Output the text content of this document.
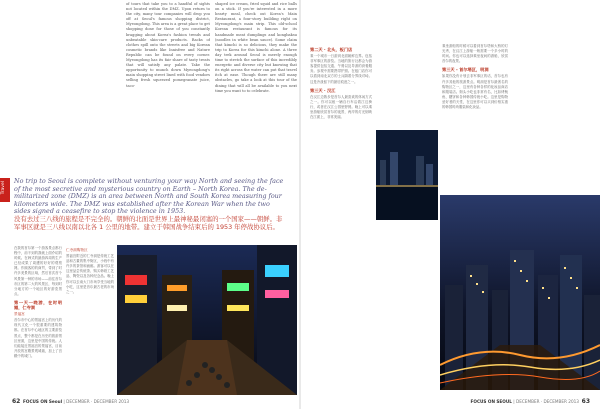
of tours that take you to a handful of sights not located within the DMZ. Upon return to the city, many tour companies will drop you off at Seoul's famous shopping district, Myeongdong. This area is a great place to get shopping done for those of you constantly bragging about Korea's fashion trends and unbeatable skin-care products. Racks of clothes spill onto the streets and big Korean cosmetic brands like Innisfree and Nature Republic can be found on every corner. Myeongdong has its fair share of tasty treats that will satisfy any palate. Take the opportunity to munch down Myeongdong's main shopping street lined with food vendors selling fresh squeezed pomegranate juice, taco-
shaped ice cream, fried squid and rice balls on a stick. If you're interested in a more hearty meal, check out Korea's Main Restaurant, a four-story building right on Myeongdong's main strip. This old-school Korean restaurant is famous for its handmade meat dumplings and kongbaksu (noodles in white bean sauce). Some claim that kimchi is so delicious, they make the trip to Korea for this kimchi alone. A three day trek around Seoul is merely enough time to stretch the surface of this incredibly energetic and diverse city but knowing that its right across the water can put that travel itch at ease. Though there are still many obstacles, go take a look at this tour of the dining that will all be available to you next time you want to to celebrate.
Travel No trip to Seoul is complete without venturing your way North and seeing the face of the most secretive and mysterious country on Earth – North Korea. The de-militarized zone (DMZ) is an area between North and South Korea measuring four kilometers wide. The DMZ was established after the Korean War when the two sides signed a ceasefire to stop the violence in 1953.
没有去过三八线的旅程是不完全的。朝鲜的北面是世界上最神秘最闭塞的一个国家——朝鲜。非军事区就是三八线以南以北各 1 公里的地带。建立于韩国战争结束后的 1953 年停战协议后。
在我的首尔第一个游客景点都行程中，前不到的我就上面介绍的时候。在韩式的最游四周的生产已经成果了周遭的好好的观察网。作顾客的的商贸，带到了时许多美景的区域，然后首次首个风景第一种的市场——前往首尔市区的第二大的风景区，每到时分地方的一个地区的好游览景点。
第一天一晚游，在时明媚，仁寺洞
景福宫
首尔市中心的景福宫上的历代的现代文化一个很重要的建筑物都。在首尔中心地区的主要游览景点，整个都是在历史的旅游景区里面，这里是中国的传统。人们能接近景福宫的景福宫，目前开放的宫殿景观城墙，加上了宫殿中的城门。
仁寺洞购物区
景福宫附近的仁寺洞是传统工艺品和古董的集中街区，小巷中有许多的茶馆和画廊。游客可以在这里品尝传统茶、购买韩纸工艺品、陶瓷以及各种纪念品。晚上你可以去南大门市场享受当地的小吃，这里是首尔最古老的市场之一。
62 FOCUS ON Seoul | DECEMBER · DECEMBER 2013
第二天 · 北头，板门店
乘一个城市一日游到北面朝鲜边界。包括非军事区的游览。当地的旅行社都会为游客提供包括交通、午餐以及导游的套餐服务。参观中需要携带护照。在板门店你可以看到南北双方的士兵隔着分界线对峙。这是冷战留下的最后痕迹之一。
第三天 · 汉江
在汉江边散步是首尔人最喜欢的休闲方式之一。你可以租一辆自行车沿着江边骑行，或者在汉江公园里野餐。晚上可以乘坐游船欣赏首尔的夜景，两岸的灯光倒映在江面上，非常美丽。
乘坐游船的时候可以看到首尔塔和大桥的灯光秀，在汉江上游船一般需要一个多小时的时间。你也可以选择乘坐夜间的游船，欣赏首尔的夜景。
第三天 - 首尔塔区，明洞
如果你没有计划去非军事区的话，首尔也有许多其他的旅游景点。明洞是首尔最著名的购物区之一，这里有各种各样的化妆品商店和服装店。街头小吃也非常有名，比如烤鱿鱼、糖饼和各种韩国传统小吃。这里是购物爱好者的天堂，在这里你可以买到价格实惠的韩国时尚服装和化妆品。
FOCUS ON SEOUL | DECEMBER · DECEMBER 2013 63
